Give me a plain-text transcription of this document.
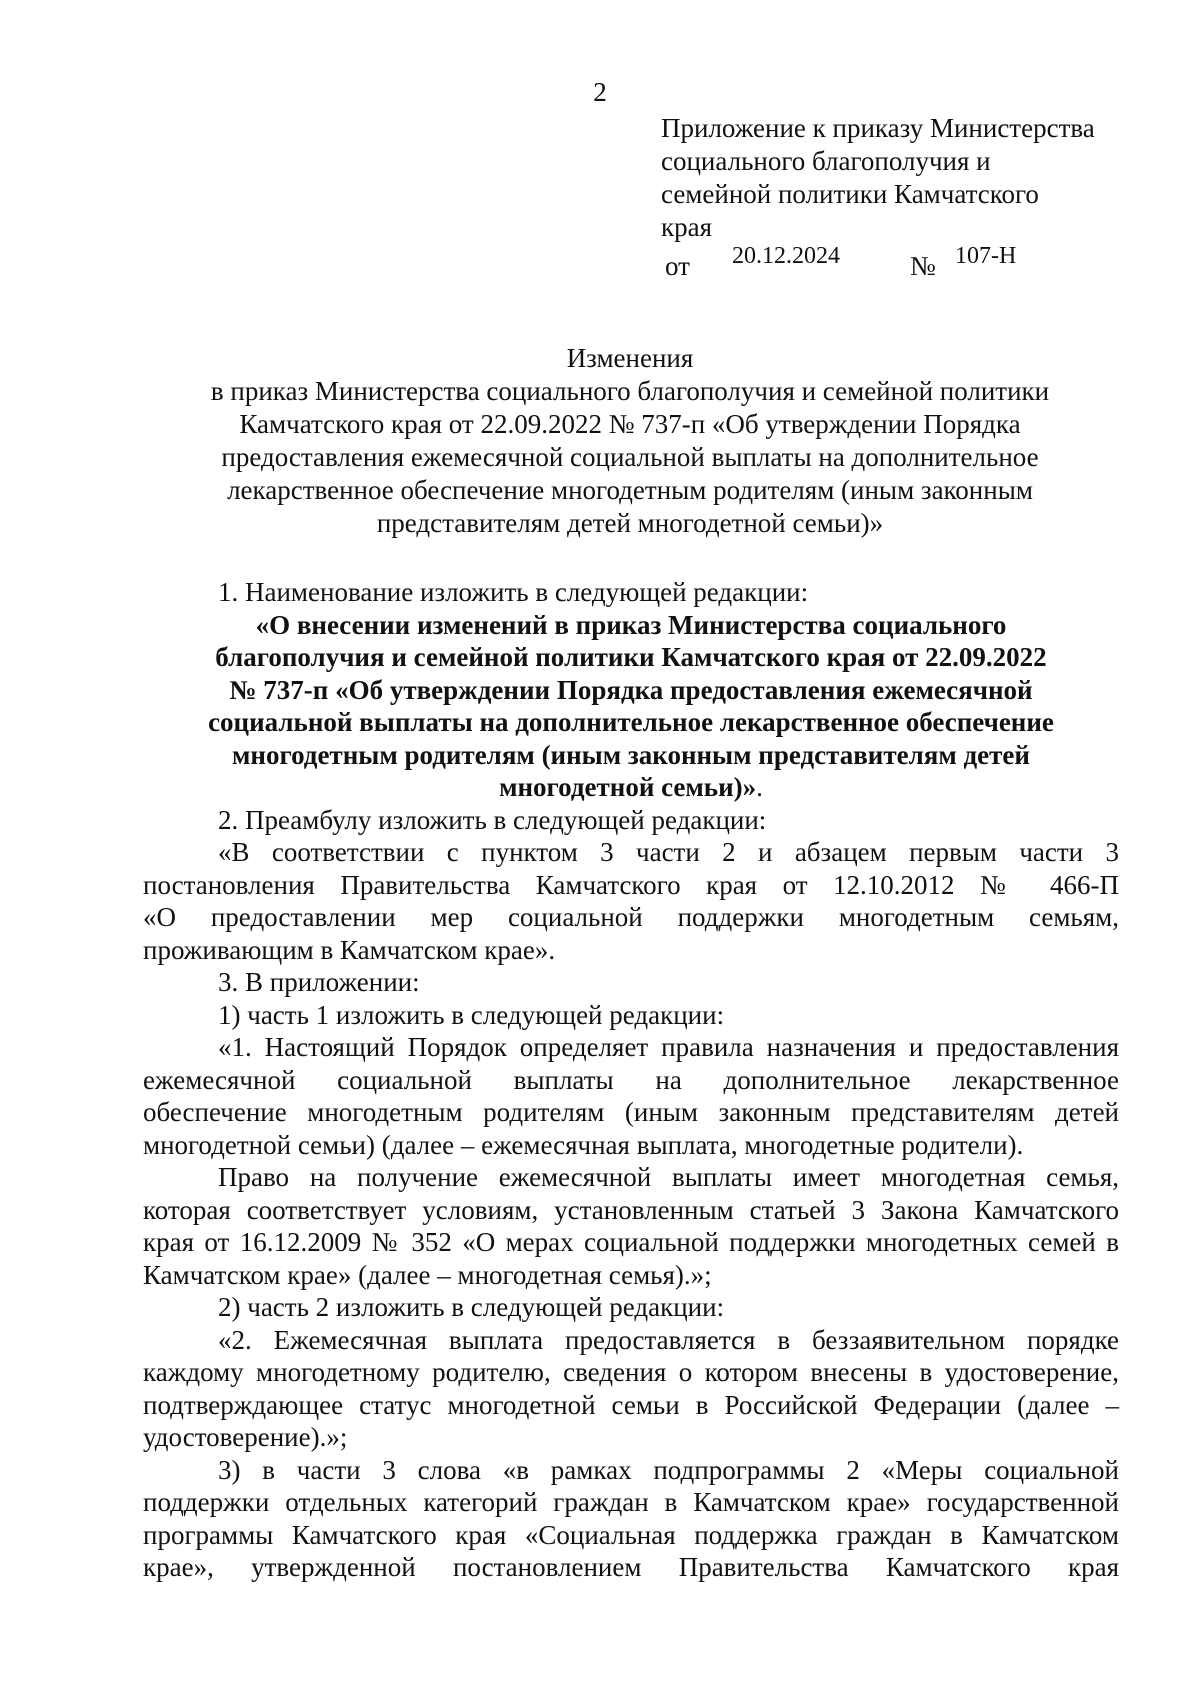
2
Приложение к приказу Министерства
социального благополучия и
семейной политики Камчатского
края
от 20.12.2024	№ 107-Н
Изменения
в приказ Министерства социального благополучия и семейной политики
Камчатского края от 22.09.2022 № 737-п «Об утверждении Порядка
предоставления ежемесячной социальной выплаты на дополнительное
лекарственное обеспечение многодетным родителям (иным законным
представителям детей многодетной семьи)»

1. Наименование изложить в следующей редакции:

«О внесении изменений в приказ Министерства социального
благополучия и семейной политики Камчатского края от 22.09.2022
№ 737-п «Об утверждении Порядка предоставления ежемесячной
социальной выплаты на дополнительное лекарственное обеспечение
многодетным родителям (иным законным представителям детей
многодетной семьи)».

2. Преамбулу изложить в следующей редакции:

«В соответствии с пунктом 3 части 2 и абзацем первым части 3
постановления Правительства Камчатского края от 12.10.2012 № 466-П
«О предоставлении мер социальной поддержки многодетным семьям,
проживающим в Камчатском крае».

3. В приложении:

1) часть 1 изложить в следующей редакции:

«1. Настоящий Порядок определяет правила назначения и предоставления
ежемесячной социальной выплаты на дополнительное лекарственное
обеспечение многодетным родителям (иным законным представителям детей
многодетной семьи) (далее – ежемесячная выплата, многодетные родители).

Право на получение ежемесячной выплаты имеет многодетная семья,
которая соответствует условиям, установленным статьей 3 Закона Камчатского
края от 16.12.2009 № 352 «О мерах социальной поддержки многодетных семей в
Камчатском крае» (далее – многодетная семья).»;

2) часть 2 изложить в следующей редакции:

«2. Ежемесячная выплата предоставляется в беззаявительном порядке
каждому многодетному родителю, сведения о котором внесены в удостоверение,
подтверждающее статус многодетной семьи в Российской Федерации (далее –
удостоверение).»;

3) в части 3 слова «в рамках подпрограммы 2 «Меры социальной
поддержки отдельных категорий граждан в Камчатском крае» государственной
программы Камчатского края «Социальная поддержка граждан в Камчатском
крае», утвержденной постановлением Правительства Камчатского края
